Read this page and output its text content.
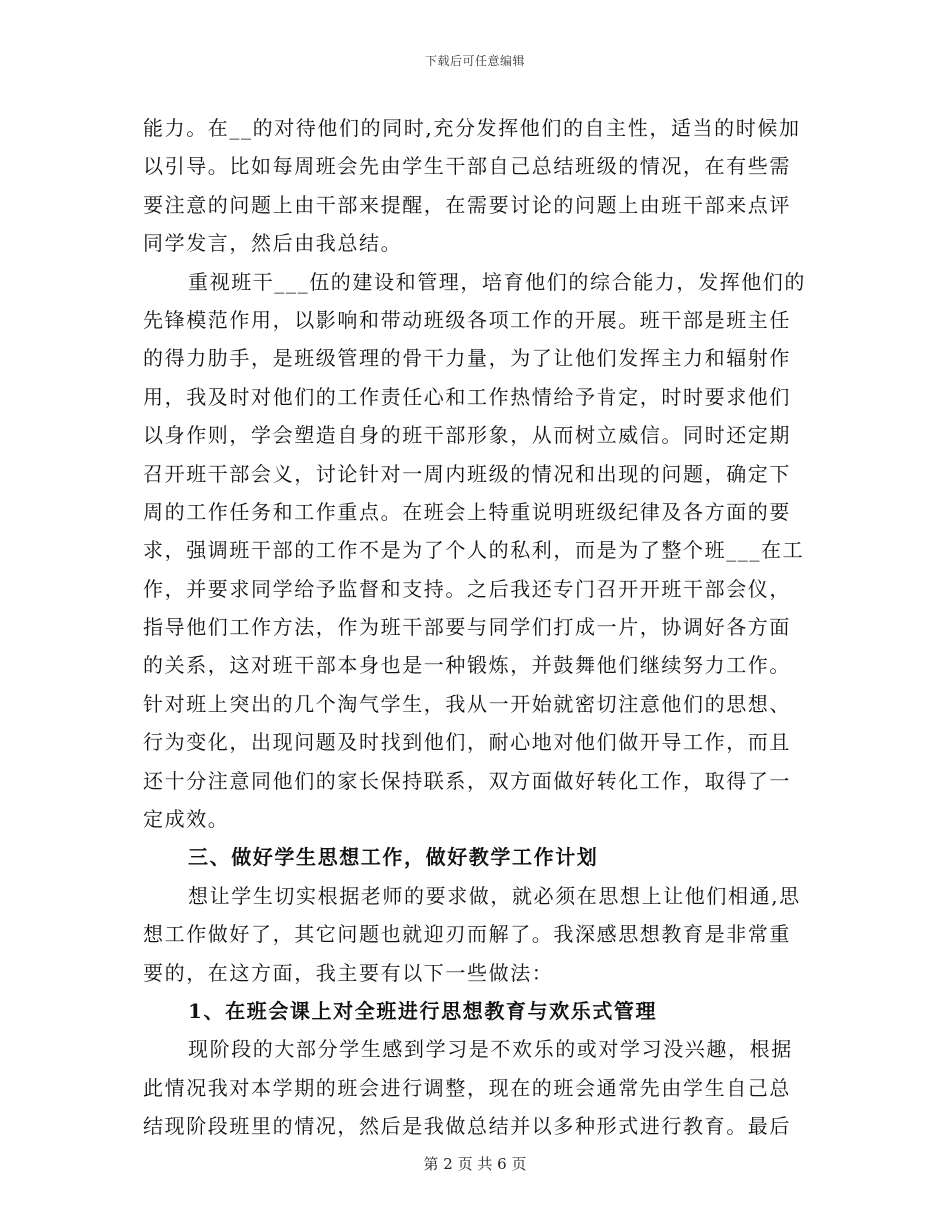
下载后可任意编辑
能力。在__的对待他们的同时,充分发挥他们的自主性，适当的时候加
以引导。比如每周班会先由学生干部自己总结班级的情况，在有些需
要注意的问题上由干部来提醒，在需要讨论的问题上由班干部来点评
同学发言，然后由我总结。
重视班干___伍的建设和管理，培育他们的综合能力，发挥他们的
先锋模范作用，以影响和带动班级各项工作的开展。班干部是班主任
的得力肋手，是班级管理的骨干力量，为了让他们发挥主力和辐射作
用，我及时对他们的工作责任心和工作热情给予肯定，时时要求他们
以身作则，学会塑造自身的班干部形象，从而树立威信。同时还定期
召开班干部会义，讨论针对一周内班级的情况和出现的问题，确定下
周的工作任务和工作重点。在班会上特重说明班级纪律及各方面的要
求，强调班干部的工作不是为了个人的私利，而是为了整个班___在工
作，并要求同学给予监督和支持。之后我还专门召开开班干部会仪，
指导他们工作方法，作为班干部要与同学们打成一片，协调好各方面
的关系，这对班干部本身也是一种锻炼，并鼓舞他们继续努力工作。
针对班上突出的几个淘气学生，我从一开始就密切注意他们的思想、
行为变化，出现问题及时找到他们，耐心地对他们做开导工作，而且
还十分注意同他们的家长保持联系，双方面做好转化工作，取得了一
定成效。
三、做好学生思想工作，做好教学工作计划
想让学生切实根据老师的要求做，就必须在思想上让他们相通,思
想工作做好了，其它问题也就迎刃而解了。我深感思想教育是非常重
要的，在这方面，我主要有以下一些做法：
1、在班会课上对全班进行思想教育与欢乐式管理
现阶段的大部分学生感到学习是不欢乐的或对学习没兴趣，根据
此情况我对本学期的班会进行调整，现在的班会通常先由学生自己总
结现阶段班里的情况，然后是我做总结并以多种形式进行教育。最后
第 2 页 共 6 页
